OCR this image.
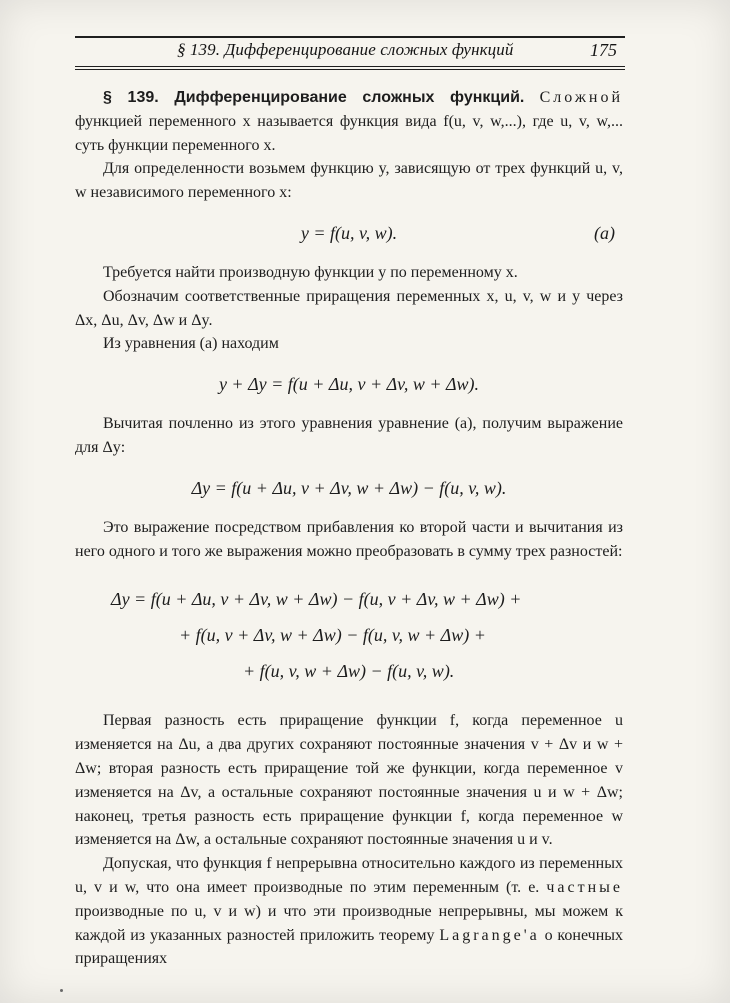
§ 139. Дифференцирование сложных функций	175

§ 139. Дифференцирование сложных функций. Сложной функцией переменного x называется функция вида f(u, v, w,...), где u, v, w,... суть функции переменного x.

Для определенности возьмем функцию y, зависящую от трех функций u, v, w независимого переменного x:

y = f(u, v, w).	(a)

Требуется найти производную функции y по переменному x.

Обозначим соответственные приращения переменных x, u, v, w и y через Δx, Δu, Δv, Δw и Δy.

Из уравнения (a) находим

y + Δy = f(u + Δu, v + Δv, w + Δw).

Вычитая почленно из этого уравнения уравнение (a), получим выражение для Δy:

Δy = f(u + Δu, v + Δv, w + Δw) − f(u, v, w).

Это выражение посредством прибавления ко второй части и вычитания из него одного и того же выражения можно преобразовать в сумму трех разностей:

Δy = f(u + Δu, v + Δv, w + Δw) − f(u, v + Δv, w + Δw) +
+ f(u, v + Δv, w + Δw) − f(u, v, w + Δw) +
+ f(u, v, w + Δw) − f(u, v, w).

Первая разность есть приращение функции f, когда переменное u изменяется на Δu, а два других сохраняют постоянные значения v + Δv и w + Δw; вторая разность есть приращение той же функции, когда переменное v изменяется на Δv, а остальные сохраняют постоянные значения u и w + Δw; наконец, третья разность есть приращение функции f, когда переменное w изменяется на Δw, а остальные сохраняют постоянные значения u и v.

Допуская, что функция f непрерывна относительно каждого из переменных u, v и w, что она имеет производные по этим переменным (т. е. частные производные по u, v и w) и что эти производные непрерывны, мы можем к каждой из указанных разностей приложить теорему Lagrange'a о конечных приращениях
